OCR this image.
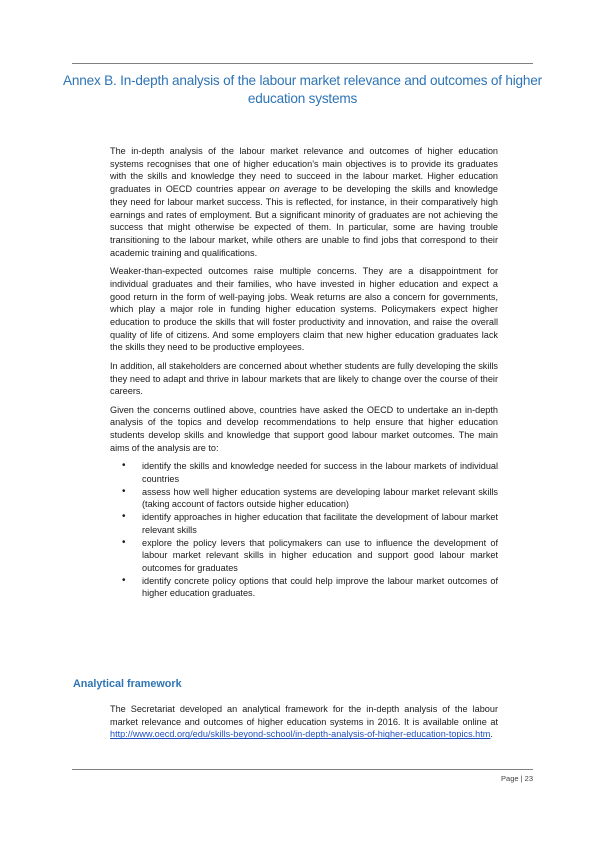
Annex B. In-depth analysis of the labour market relevance and outcomes of higher education systems

The in-depth analysis of the labour market relevance and outcomes of higher education systems recognises that one of higher education’s main objectives is to provide its graduates with the skills and knowledge they need to succeed in the labour market. Higher education graduates in OECD countries appear on average to be developing the skills and knowledge they need for labour market success. This is reflected, for instance, in their comparatively high earnings and rates of employment. But a significant minority of graduates are not achieving the success that might otherwise be expected of them. In particular, some are having trouble transitioning to the labour market, while others are unable to find jobs that correspond to their academic training and qualifications.

Weaker-than-expected outcomes raise multiple concerns. They are a disappointment for individual graduates and their families, who have invested in higher education and expect a good return in the form of well-paying jobs. Weak returns are also a concern for governments, which play a major role in funding higher education systems. Policymakers expect higher education to produce the skills that will foster productivity and innovation, and raise the overall quality of life of citizens. And some employers claim that new higher education graduates lack the skills they need to be productive employees.

In addition, all stakeholders are concerned about whether students are fully developing the skills they need to adapt and thrive in labour markets that are likely to change over the course of their careers.

Given the concerns outlined above, countries have asked the OECD to undertake an in-depth analysis of the topics and develop recommendations to help ensure that higher education students develop skills and knowledge that support good labour market outcomes. The main aims of the analysis are to:

• identify the skills and knowledge needed for success in the labour markets of individual countries
• assess how well higher education systems are developing labour market relevant skills (taking account of factors outside higher education)
• identify approaches in higher education that facilitate the development of labour market relevant skills
• explore the policy levers that policymakers can use to influence the development of labour market relevant skills in higher education and support good labour market outcomes for graduates
• identify concrete policy options that could help improve the labour market outcomes of higher education graduates.
Analytical framework

The Secretariat developed an analytical framework for the in-depth analysis of the labour market relevance and outcomes of higher education systems in 2016. It is available online at http://www.oecd.org/edu/skills-beyond-school/in-depth-analysis-of-higher-education-topics.htm.

Page | 23
